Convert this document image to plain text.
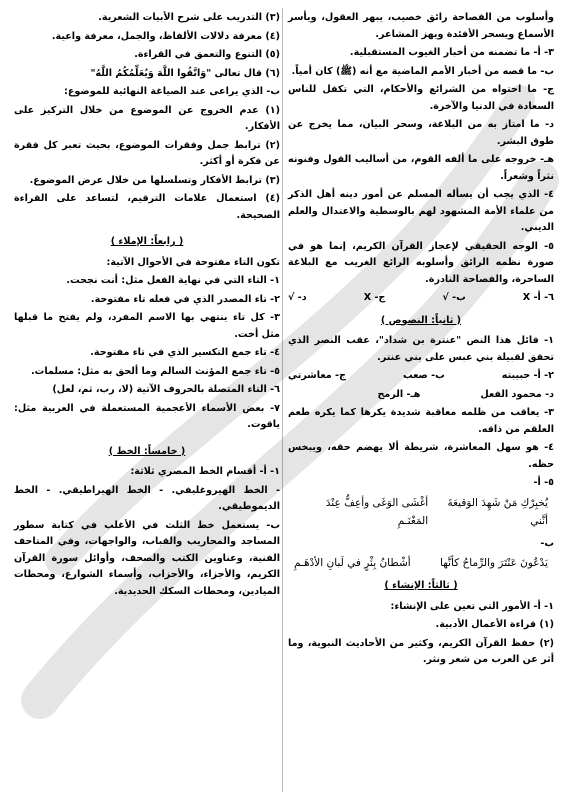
وأسلوب من الفصاحة رائق خصيب، يبهر العقول، ويأسر الأسماع ويسحر الأفئدة ويهز المشاعر.

٣- أ- ما تضمنه من أخبار الغيوب المستقبلية.

ب- ما قصه من أخبار الأمم الماضية مع أنه (ﷺ) كان أمياً.

ج- ما احتواه من الشرائع والأحكام، التي تكفل للناس السعادة في الدنيا والآخرة.

د- ما امتاز به من البلاغة، وسحر البيان، مما يخرج عن طوق البشر.

هـ- خروجه على ما ألفه القوم، من أساليب القول وفنونه نثراً وشعراً.

٤- الذي يجب أن يسأله المسلم عن أمور دينه أهل الذكر من علماء الأمة المشهود لهم بالوسطية والاعتدال والعلم الديني.

٥- الوجه الحقيقي لإعجاز القرآن الكريم، إنما هو في صورة نظمه الرائق وأسلوبه الرائع الغريب مع البلاغة الساحرة، والفصاحة النادرة.

٦- أ- X
ب- √
ج- X
د- √
( ثانياً: النصوص )

١- قائل هذا النص "عنترة بن شداد"، عقب النصر الذي تحقق لقبيلة بني عبس على بني عنتر.

٢- أ- حبيبته
ب- صعب
ج- معاشرتي
د- محمود الفعل
هـ- الرمح

٣- يعاقب من ظلمه معاقبة شديدة يكرها كما يكره طعم العلقم من ذاقه.

٤- هو سهل المعاشرة، شريطة ألا يهضم حقه، ويبخس حظه.

٥- أ-

يُخبِرْكِ مَنْ شَهِدَ الوَقيعَةَ أنَّني
أغْشَى الوَغَى وأعِفُّ عِنْدَ المَغْنَـمِ

ب-

يَدْعُونَ عَنْتَرَ والرِّماحُ كأنَّها
أشْطانُ بِئْرٍ في لَبانِ الأدْهَـمِ
( ثالثاً: الإنشاء )

١- أ- الأمور التي تعين على الإنشاء:

(١) قراءة الأعمال الأدبية.

(٢) حفظ القرآن الكريم، وكثير من الأحاديث النبوية، وما أثر عن العرب من شعر ونثر.

(٣) التدريب على شرح الأبيات الشعرية.

(٤) معرفة دلالات الألفاظ، والجمل، معرفة واعية.

(٥) التنوع والتعمق في القراءة.

(٦) قال تعالى "وَاتَّقُوا اللَّهَ وَيُعَلِّمُكُمُ اللَّهُ"

ب- الذي يراعى عند الصياغة النهائية للموضوع:

(١) عدم الخروج عن الموضوع من خلال التركيز على الأفكار.

(٢) ترابط جمل وفقرات الموضوع، بحيث تعبر كل فقرة عن فكرة أو أكثر.

(٣) ترابط الأفكار وتسلسلها من خلال عرض الموضوع.

(٤) استعمال علامات الترقيم، لتساعد على القراءة الصحيحة.

( رابعاً: الإملاء )

تكون التاء مفتوحة في الأحوال الآتية:

١- التاء التي في نهاية الفعل مثل: أنت نجحت.

٢- تاء المصدر الذي في فعله تاء مفتوحة.

٣- كل تاء ينتهي بها الاسم المفرد، ولم يفتح ما قبلها مثل أخت.

٤- تاء جمع التكسير الذي في تاء مفتوحة.

٥- تاء جمع المؤنث السالم وما ألحق به مثل: مسلمات.

٦- التاء المتصلة بالحروف الآتية (لا، رب، ثم، لعل)

٧- بعض الأسماء الأعجمية المستعملة في العربية مثل: ياقوت.

( خامساً: الخط )

١- أ- أقسام الخط المصري ثلاثة:

- الخط الهيروغليفي. - الخط الهيراطيقي. - الخط الديموطيقي.

ب- يستعمل خط الثلث في الأغلب في كتابة سطور المساجد والمحاريب والقباب، والواجهات، وفي المتاحف الفنية، وعناوين الكتب والصحف، وأوائل سورة القرآن الكريم، والأجزاء، والأحزاب، وأسماء الشوارع، ومحطات الميادين، ومحطات السكك الحديدية.
